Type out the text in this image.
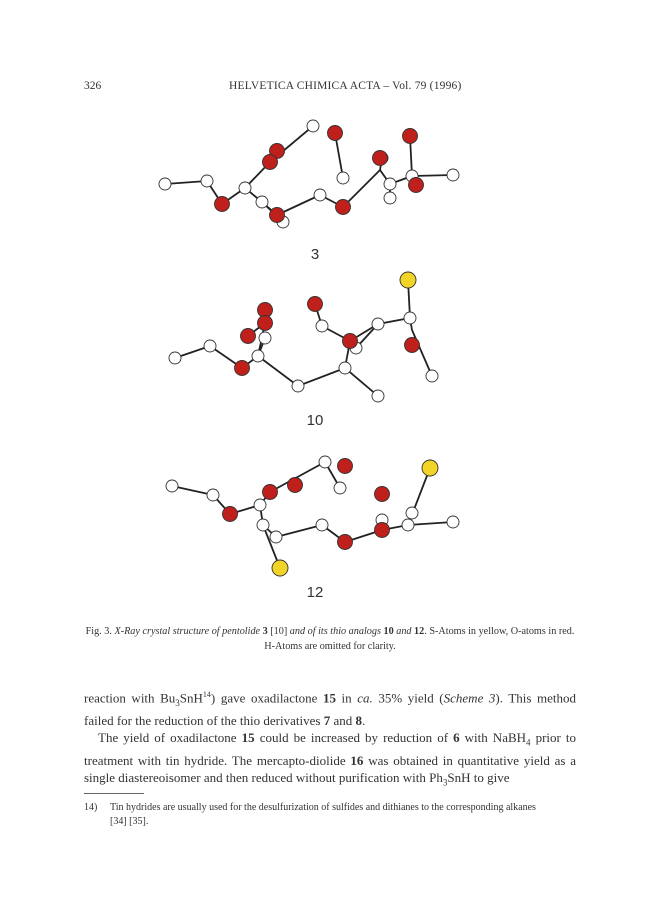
326	HELVETICA CHIMICA ACTA – Vol. 79 (1996)
3
10
12
Fig. 3. X-Ray crystal structure of pentolide 3 [10] and of its thio analogs 10 and 12. S-Atoms in yellow, O-atoms in red. H-Atoms are omitted for clarity.

reaction with $Bu_3SnH^{14}$) gave oxadilactone 15 in ca. 35% yield (Scheme 3). This method failed for the reduction of the thio derivatives 7 and 8.

The yield of oxadilactone 15 could be increased by reduction of 6 with NaBH$_4$ prior to treatment with tin hydride. The mercapto-diolide 16 was obtained in quantitative yield as a single diastereoisomer and then reduced without purification with $Ph_3SnH$ to give

14) Tin hydrides are usually used for the desulfurization of sulfides and dithianes to the corresponding alkanes
[34] [35].
